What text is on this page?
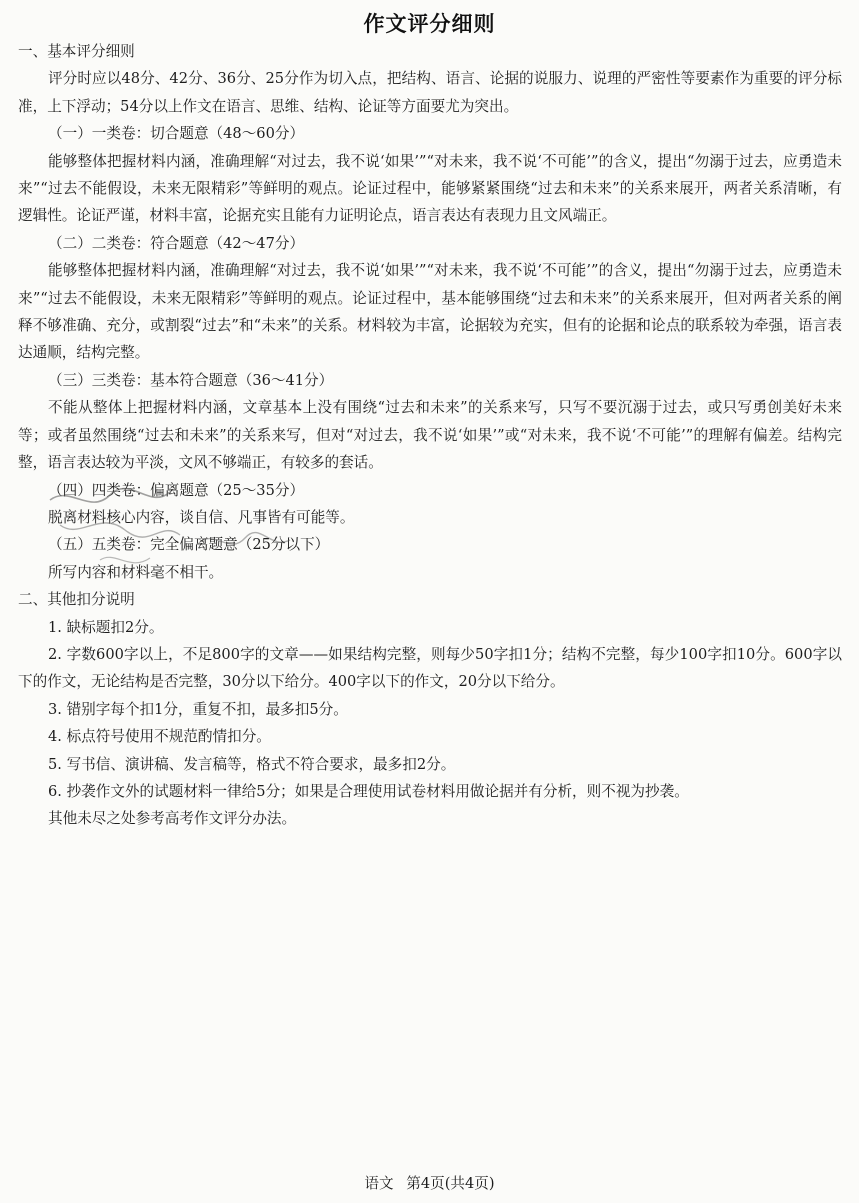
作文评分细则

一、基本评分细则

评分时应以48分、42分、36分、25分作为切入点，把结构、语言、论据的说服力、说理的严密性等要素作为重要的评分标准，上下浮动；54分以上作文在语言、思维、结构、论证等方面要尤为突出。

（一）一类卷：切合题意（48～60分）

能够整体把握材料内涵，准确理解“对过去，我不说‘如果’”“对未来，我不说‘不可能’”的含义，提出“勿溺于过去，应勇造未来”“过去不能假设，未来无限精彩”等鲜明的观点。论证过程中，能够紧紧围绕“过去和未来”的关系来展开，两者关系清晰，有逻辑性。论证严谨，材料丰富，论据充实且能有力证明论点，语言表达有表现力且文风端正。

（二）二类卷：符合题意（42～47分）

能够整体把握材料内涵，准确理解“对过去，我不说‘如果’”“对未来，我不说‘不可能’”的含义，提出“勿溺于过去，应勇造未来”“过去不能假设，未来无限精彩”等鲜明的观点。论证过程中，基本能够围绕“过去和未来”的关系来展开，但对两者关系的阐释不够准确、充分，或割裂“过去”和“未来”的关系。材料较为丰富，论据较为充实，但有的论据和论点的联系较为牵强，语言表达通顺，结构完整。

（三）三类卷：基本符合题意（36～41分）

不能从整体上把握材料内涵，文章基本上没有围绕“过去和未来”的关系来写，只写不要沉溺于过去，或只写勇创美好未来等；或者虽然围绕“过去和未来”的关系来写，但对“对过去，我不说‘如果’”或“对未来，我不说‘不可能’”的理解有偏差。结构完整，语言表达较为平淡，文风不够端正，有较多的套话。

（四）四类卷：偏离题意（25～35分）

脱离材料核心内容，谈自信、凡事皆有可能等。

（五）五类卷：完全偏离题意（25分以下）

所写内容和材料毫不相干。

二、其他扣分说明

1. 缺标题扣2分。

2. 字数600字以上，不足800字的文章——如果结构完整，则每少50字扣1分；结构不完整，每少100字扣10分。600字以下的作文，无论结构是否完整，30分以下给分。400字以下的作文，20分以下给分。

3. 错别字每个扣1分，重复不扣，最多扣5分。

4. 标点符号使用不规范酌情扣分。

5. 写书信、演讲稿、发言稿等，格式不符合要求，最多扣2分。

6. 抄袭作文外的试题材料一律给5分；如果是合理使用试卷材料用做论据并有分析，则不视为抄袭。

其他未尽之处参考高考作文评分办法。

语文 第4页(共4页)
